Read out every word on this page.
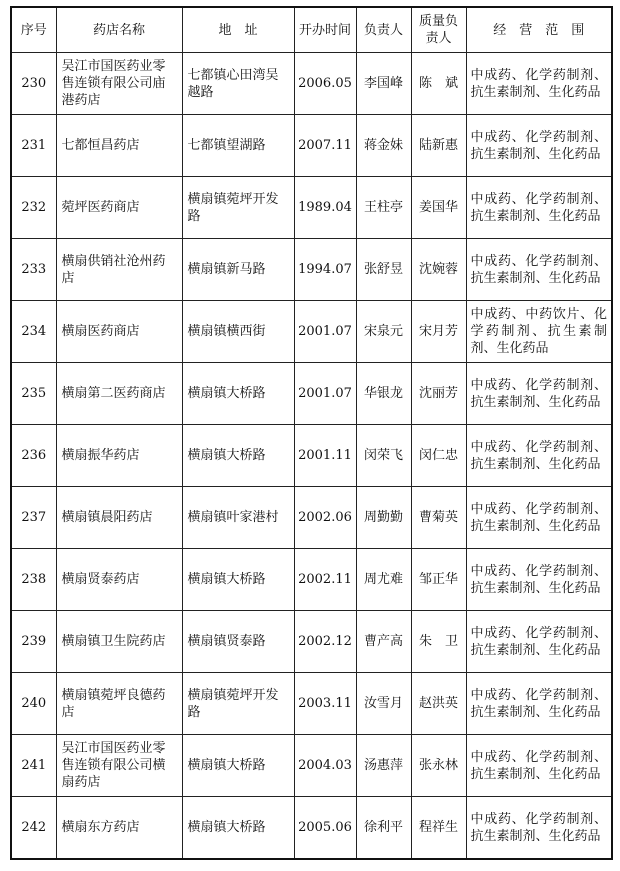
序号	药店名称	地　址	开办时间	负责人	质量负责人	经　营　范　围
230	吴江市国医药业零售连锁有限公司庙港药店	七都镇心田湾吴越路	2006.05	李国峰	陈　斌	中成药、化学药制剂、抗生素制剂、生化药品
231	七都恒昌药店	七都镇望湖路	2007.11	蒋金妹	陆新惠	中成药、化学药制剂、抗生素制剂、生化药品
232	菀坪医药商店	横扇镇菀坪开发路	1989.04	王柱亭	姜国华	中成药、化学药制剂、抗生素制剂、生化药品
233	横扇供销社沧州药店	横扇镇新马路	1994.07	张舒昱	沈婉蓉	中成药、化学药制剂、抗生素制剂、生化药品
234	横扇医药商店	横扇镇横西街	2001.07	宋泉元	宋月芳	中成药、中药饮片、化学药制剂、抗生素制剂、生化药品
235	横扇第二医药商店	横扇镇大桥路	2001.07	华银龙	沈丽芳	中成药、化学药制剂、抗生素制剂、生化药品
236	横扇振华药店	横扇镇大桥路	2001.11	闵荣飞	闵仁忠	中成药、化学药制剂、抗生素制剂、生化药品
237	横扇镇晨阳药店	横扇镇叶家港村	2002.06	周勤勤	曹菊英	中成药、化学药制剂、抗生素制剂、生化药品
238	横扇贤泰药店	横扇镇大桥路	2002.11	周尤难	邹正华	中成药、化学药制剂、抗生素制剂、生化药品
239	横扇镇卫生院药店	横扇镇贤泰路	2002.12	曹产高	朱　卫	中成药、化学药制剂、抗生素制剂、生化药品
240	横扇镇菀坪良德药店	横扇镇菀坪开发路	2003.11	汝雪月	赵洪英	中成药、化学药制剂、抗生素制剂、生化药品
241	吴江市国医药业零售连锁有限公司横扇药店	横扇镇大桥路	2004.03	汤惠萍	张永林	中成药、化学药制剂、抗生素制剂、生化药品
242	横扇东方药店	横扇镇大桥路	2005.06	徐利平	程祥生	中成药、化学药制剂、抗生素制剂、生化药品
